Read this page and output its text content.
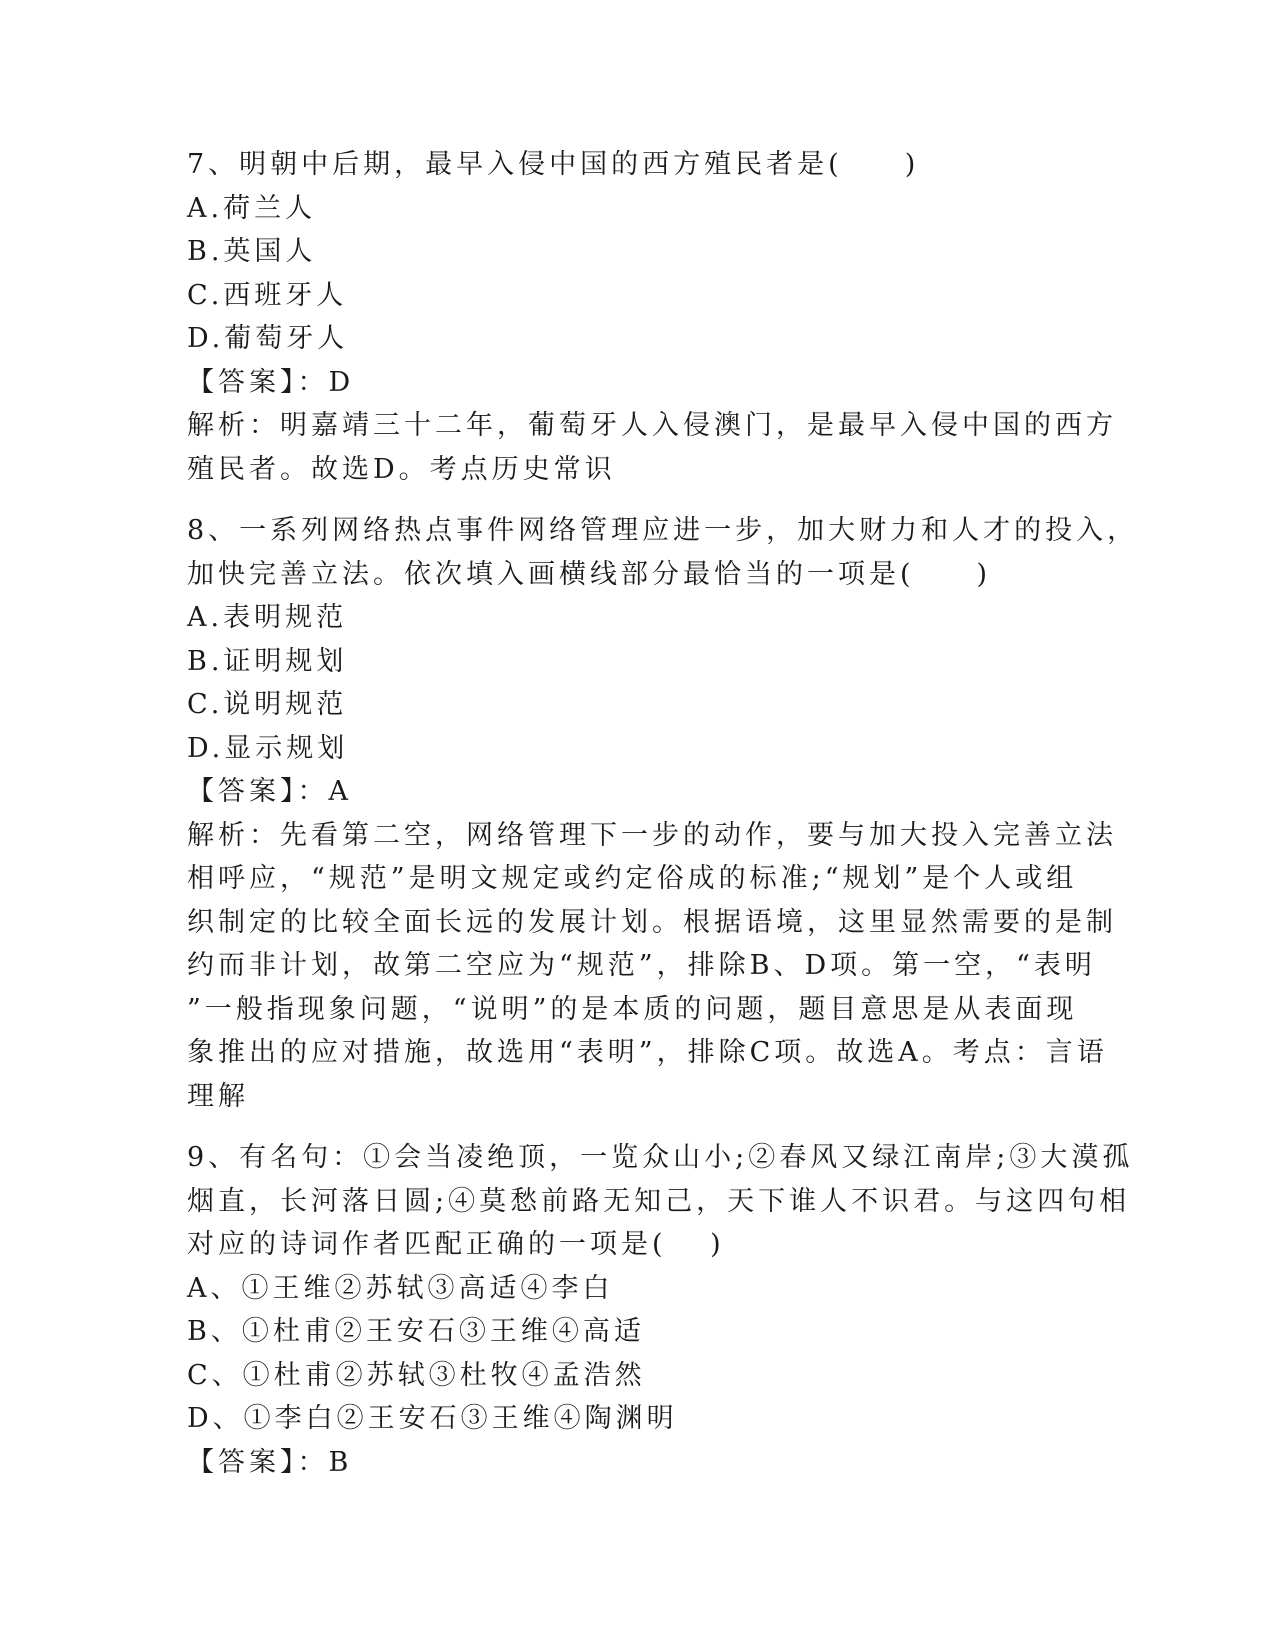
7、明朝中后期，最早入侵中国的西方殖民者是(　　)
A.荷兰人
B.英国人
C.西班牙人
D.葡萄牙人
【答案】：D
解析：明嘉靖三十二年，葡萄牙人入侵澳门，是最早入侵中国的西方
殖民者。故选D。考点历史常识
8、一系列网络热点事件网络管理应进一步，加大财力和人才的投入，
加快完善立法。依次填入画横线部分最恰当的一项是(　　)
A.表明规范
B.证明规划
C.说明规范
D.显示规划
【答案】：A
解析：先看第二空，网络管理下一步的动作，要与加大投入完善立法
相呼应，“规范”是明文规定或约定俗成的标准;“规划”是个人或组
织制定的比较全面长远的发展计划。根据语境，这里显然需要的是制
约而非计划，故第二空应为“规范”，排除B、D项。第一空，“表明
”一般指现象问题，“说明”的是本质的问题，题目意思是从表面现
象推出的应对措施，故选用“表明”，排除C项。故选A。考点：言语
理解
9、有名句：①会当凌绝顶，一览众山小;②春风又绿江南岸;③大漠孤
烟直，长河落日圆;④莫愁前路无知己，天下谁人不识君。与这四句相
对应的诗词作者匹配正确的一项是(　 )
A、①王维②苏轼③高适④李白
B、①杜甫②王安石③王维④高适
C、①杜甫②苏轼③杜牧④孟浩然
D、①李白②王安石③王维④陶渊明
【答案】：B
